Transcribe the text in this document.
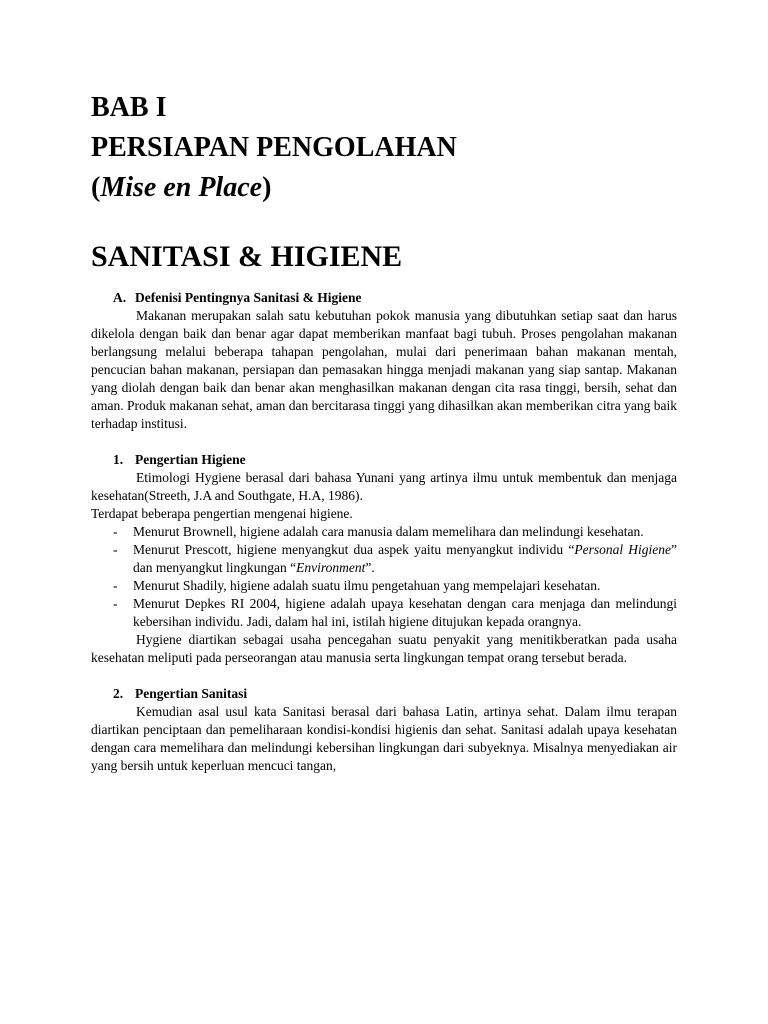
BAB I
PERSIAPAN PENGOLAHAN
(Mise en Place)
SANITASI & HIGIENE
A. Defenisi Pentingnya Sanitasi & Higiene

Makanan merupakan salah satu kebutuhan pokok manusia yang dibutuhkan setiap saat dan harus dikelola dengan baik dan benar agar dapat memberikan manfaat bagi tubuh. Proses pengolahan makanan berlangsung melalui beberapa tahapan pengolahan, mulai dari penerimaan bahan makanan mentah, pencucian bahan makanan, persiapan dan pemasakan hingga menjadi makanan yang siap santap. Makanan yang diolah dengan baik dan benar akan menghasilkan makanan dengan cita rasa tinggi, bersih, sehat dan aman. Produk makanan sehat, aman dan bercitarasa tinggi yang dihasilkan akan memberikan citra yang baik terhadap institusi.

1. Pengertian Higiene

Etimologi Hygiene berasal dari bahasa Yunani yang artinya ilmu untuk membentuk dan menjaga kesehatan(Streeth, J.A and Southgate, H.A, 1986).

Terdapat beberapa pengertian mengenai higiene.

-	Menurut Brownell, higiene adalah cara manusia dalam memelihara dan melindungi kesehatan.
-	Menurut Prescott, higiene menyangkut dua aspek yaitu menyangkut individu “Personal Higiene” dan menyangkut lingkungan “Environment”.
-	Menurut Shadily, higiene adalah suatu ilmu pengetahuan yang mempelajari kesehatan.
-	Menurut Depkes RI 2004, higiene adalah upaya kesehatan dengan cara menjaga dan melindungi kebersihan individu. Jadi, dalam hal ini, istilah higiene ditujukan kepada orangnya.

Hygiene diartikan sebagai usaha pencegahan suatu penyakit yang menitikberatkan pada usaha kesehatan meliputi pada perseorangan atau manusia serta lingkungan tempat orang tersebut berada.

2. Pengertian Sanitasi

Kemudian asal usul kata Sanitasi berasal dari bahasa Latin, artinya sehat. Dalam ilmu terapan diartikan penciptaan dan pemeliharaan kondisi-kondisi higienis dan sehat. Sanitasi adalah upaya kesehatan dengan cara memelihara dan melindungi kebersihan lingkungan dari subyeknya. Misalnya menyediakan air yang bersih untuk keperluan mencuci tangan,
